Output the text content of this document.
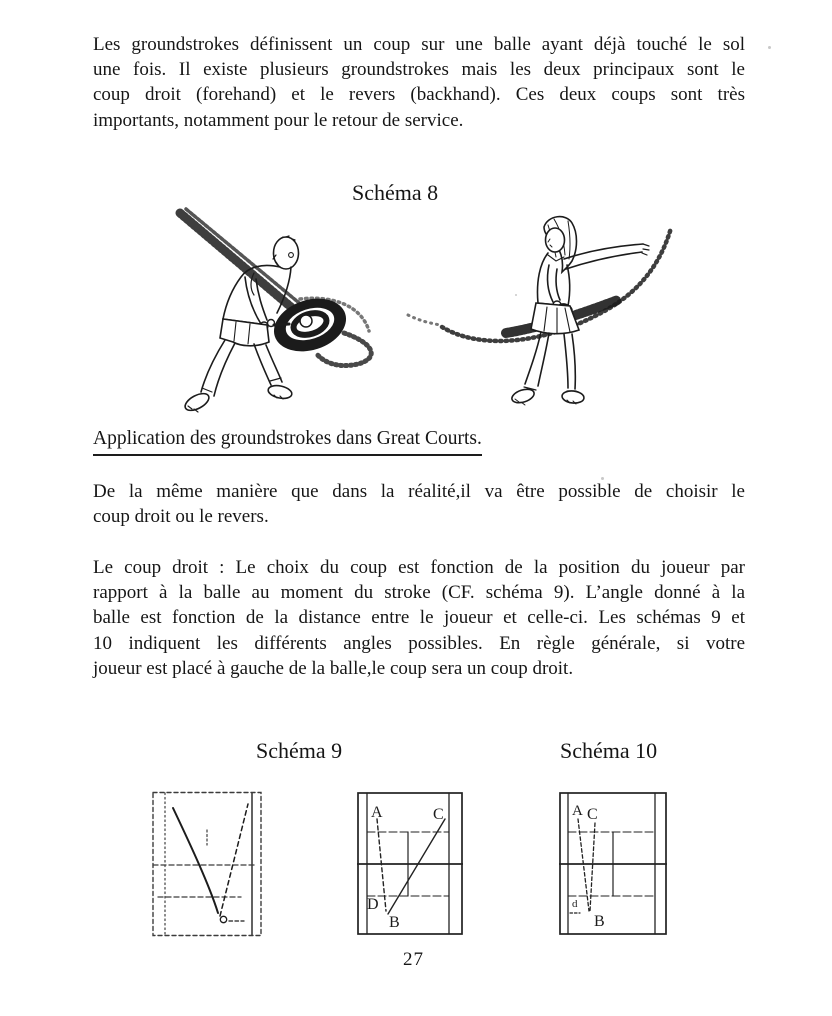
Les groundstrokes définissent un coup sur une balle ayant déjà touché le sol
une fois. Il existe plusieurs groundstrokes mais les deux principaux sont le
coup droit (forehand) et le revers (backhand). Ces deux coups sont très
importants, notamment pour le retour de service.
Schéma 8
Application des groundstrokes dans Great Courts.
De la même manière que dans la réalité,il va être possible de choisir le
coup droit ou le revers.
Le coup droit : Le choix du coup est fonction de la position du joueur par
rapport à la balle au moment du stroke (CF. schéma 9). L’angle donné à la
balle est fonction de la distance entre le joueur et celle-ci. Les schémas 9 et
10 indiquent les différents angles possibles. En règle générale, si votre
joueur est placé à gauche de la balle,le coup sera un coup droit.
Schéma 9	Schéma 10
A	C
D
B
A C
d
B
27
